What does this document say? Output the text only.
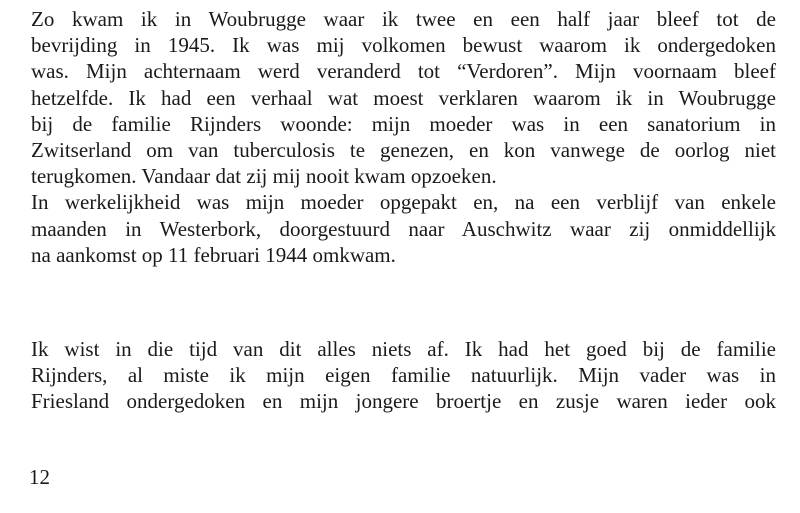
Zo kwam ik in Woubrugge waar ik twee en een half jaar bleef tot de
bevrijding in 1945. Ik was mij volkomen bewust waarom ik ondergedoken
was. Mijn achternaam werd veranderd tot “Verdoren”. Mijn voornaam bleef
hetzelfde. Ik had een verhaal wat moest verklaren waarom ik in Woubrugge
bij de familie Rijnders woonde: mijn moeder was in een sanatorium in
Zwitserland om van tuberculosis te genezen, en kon vanwege de oorlog niet
terugkomen. Vandaar dat zij mij nooit kwam opzoeken.
In werkelijkheid was mijn moeder opgepakt en, na een verblijf van enkele
maanden in Westerbork, doorgestuurd naar Auschwitz waar zij onmiddellijk
na aankomst op 11 februari 1944 omkwam.
Ik wist in die tijd van dit alles niets af. Ik had het goed bij de familie
Rijnders, al miste ik mijn eigen familie natuurlijk. Mijn vader was in
Friesland ondergedoken en mijn jongere broertje en zusje waren ieder ook
12
